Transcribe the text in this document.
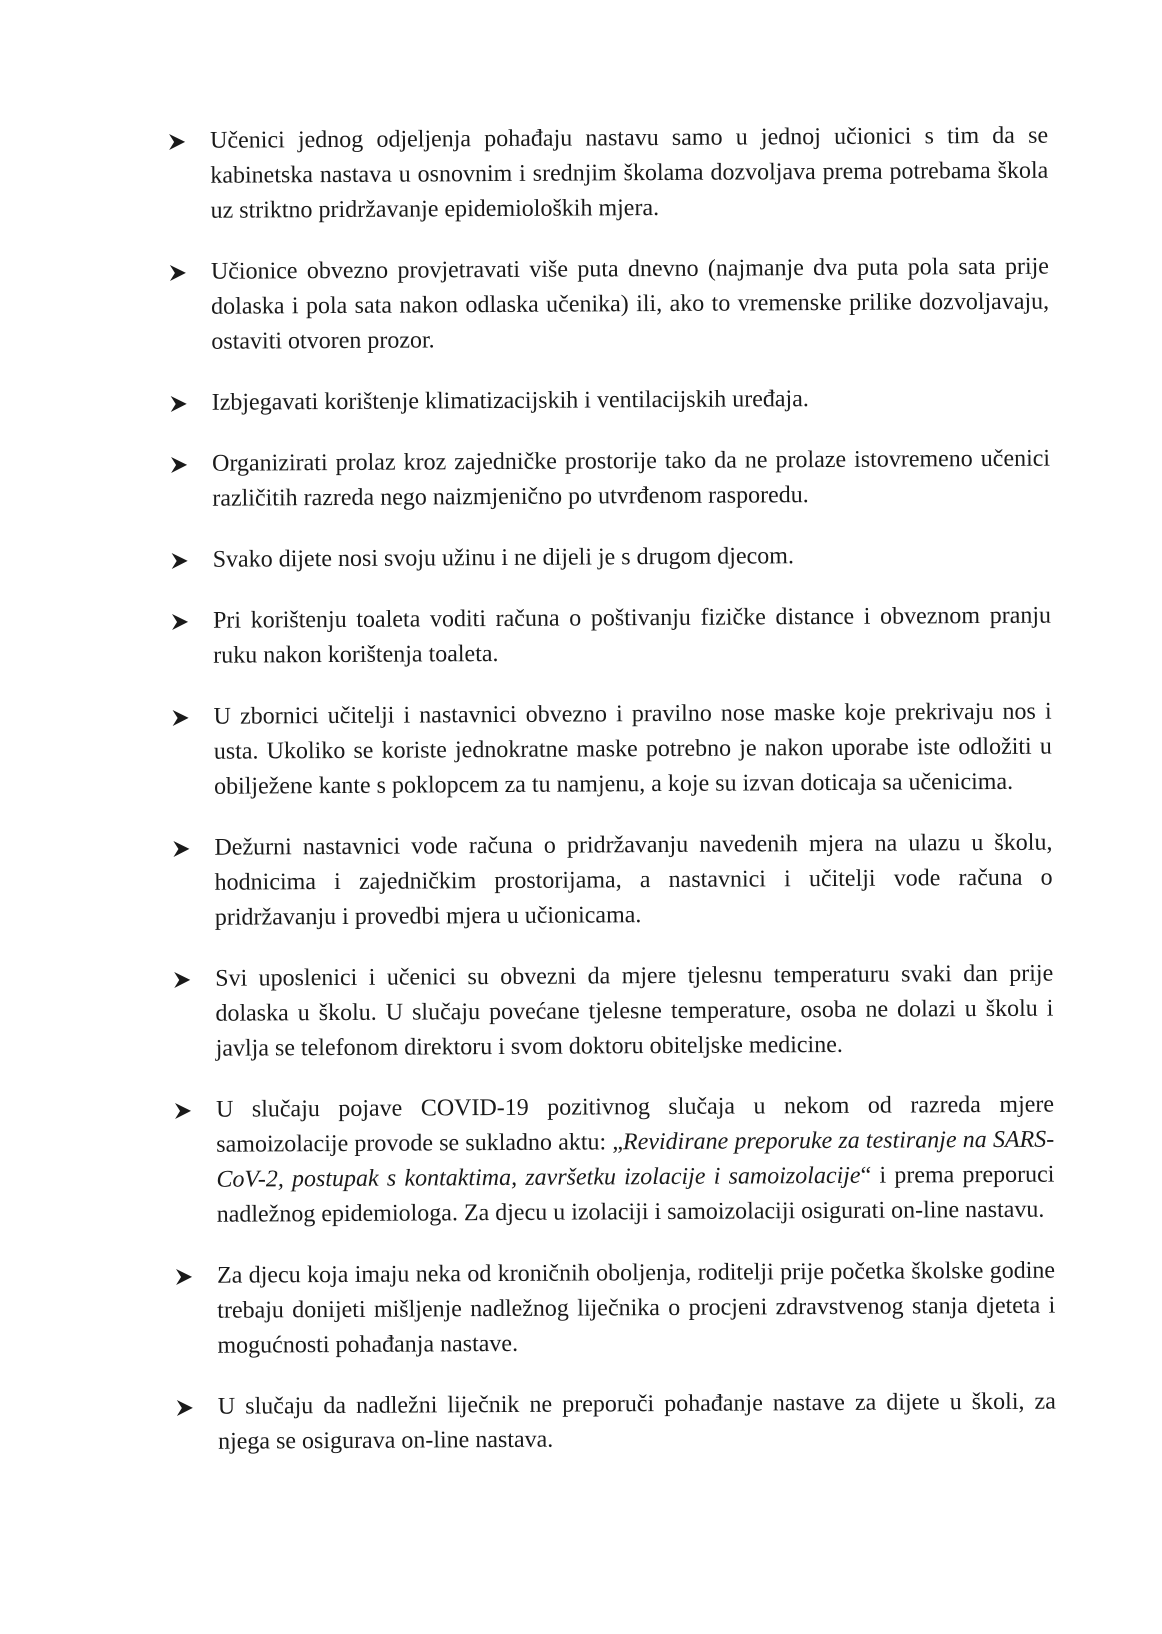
Učenici jednog odjeljenja pohađaju nastavu samo u jednoj učionici s tim da se kabinetska nastava u osnovnim i srednjim školama dozvoljava prema potrebama škola uz striktno pridržavanje epidemioloških mjera.
Učionice obvezno provjetravati više puta dnevno (najmanje dva puta pola sata prije dolaska i pola sata nakon odlaska učenika) ili, ako to vremenske prilike dozvoljavaju, ostaviti otvoren prozor.
Izbjegavati korištenje klimatizacijskih i ventilacijskih uređaja.
Organizirati prolaz kroz zajedničke prostorije tako da ne prolaze istovremeno učenici različitih razreda nego naizmjenično po utvrđenom rasporedu.
Svako dijete nosi svoju užinu i ne dijeli je s drugom djecom.
Pri korištenju toaleta voditi računa o poštivanju fizičke distance i obveznom pranju ruku nakon korištenja toaleta.
U zbornici učitelji i nastavnici obvezno i pravilno nose maske koje prekrivaju nos i usta. Ukoliko se koriste jednokratne maske potrebno je nakon uporabe iste odložiti u obilježene kante s poklopcem za tu namjenu, a koje su izvan doticaja sa učenicima.
Dežurni nastavnici vode računa o pridržavanju navedenih mjera na ulazu u školu, hodnicima i zajedničkim prostorijama, a nastavnici i učitelji vode računa o pridržavanju i provedbi mjera u učionicama.
Svi uposlenici i učenici su obvezni da mjere tjelesnu temperaturu svaki dan prije dolaska u školu. U slučaju povećane tjelesne temperature, osoba ne dolazi u školu i javlja se telefonom direktoru i svom doktoru obiteljske medicine.
U slučaju pojave COVID-19 pozitivnog slučaja u nekom od razreda mjere samoizolacije provode se sukladno aktu: „Revidirane preporuke za testiranje na SARS-CoV-2, postupak s kontaktima, završetku izolacije i samoizolacije“ i prema preporuci nadležnog epidemiologa. Za djecu u izolaciji i samoizolaciji osigurati on-line nastavu.
Za djecu koja imaju neka od kroničnih oboljenja, roditelji prije početka školske godine trebaju donijeti mišljenje nadležnog liječnika o procjeni zdravstvenog stanja djeteta i mogućnosti pohađanja nastave.
U slučaju da nadležni liječnik ne preporuči pohađanje nastave za dijete u školi, za njega se osigurava on-line nastava.
